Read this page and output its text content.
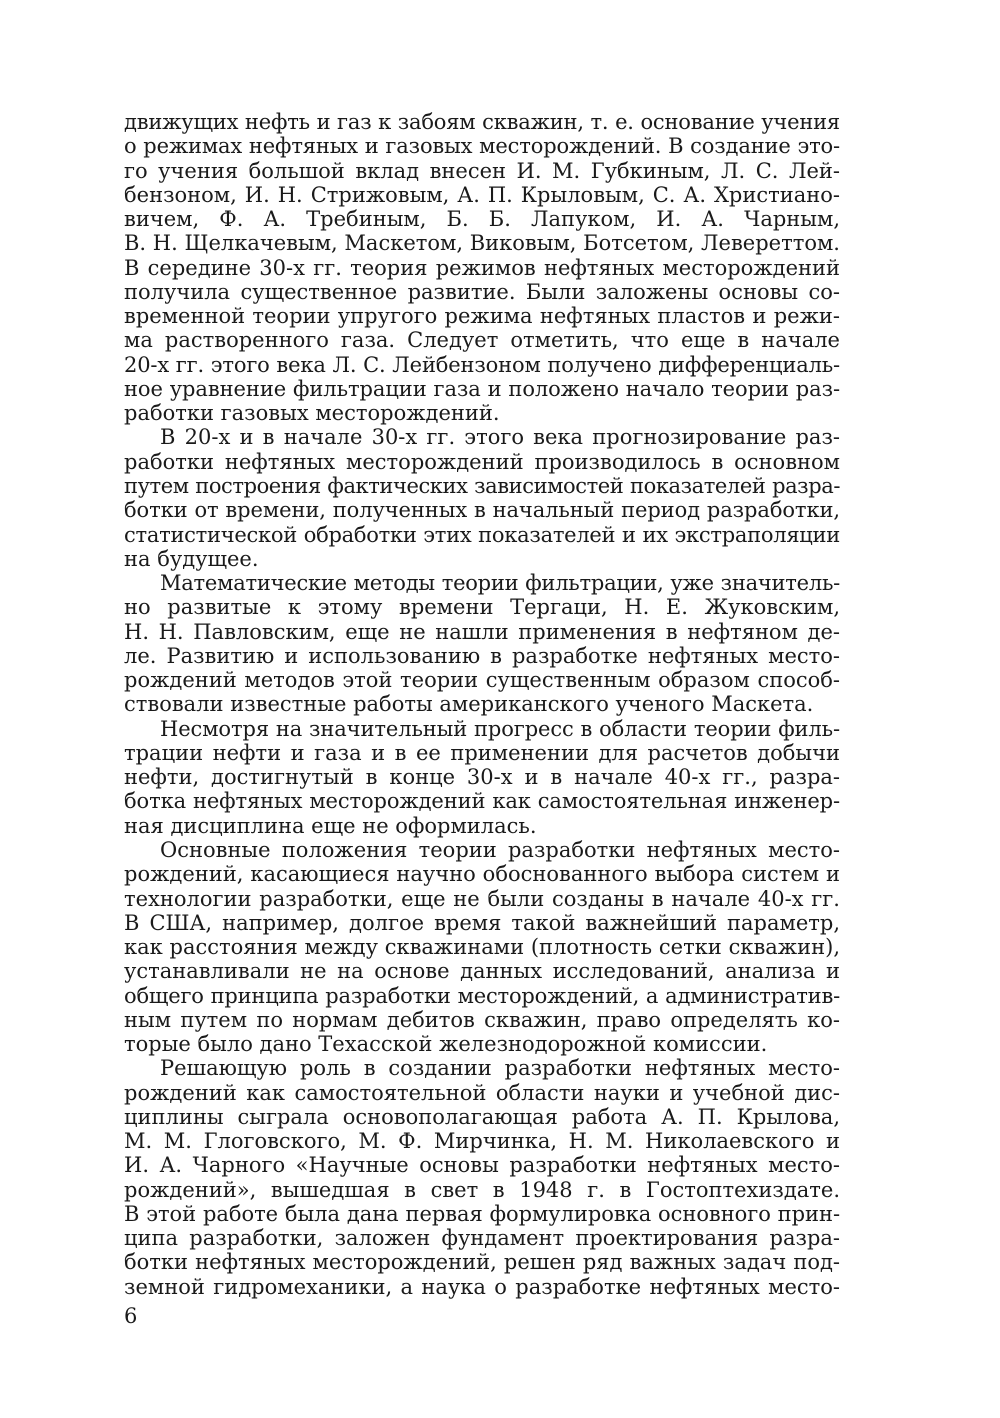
движущих нефть и газ к забоям скважин, т. е. основание учения
о режимах нефтяных и газовых месторождений. В создание это-
го учения большой вклад внесен И. М. Губкиным, Л. С. Лей-
бензоном, И. Н. Стрижовым, А. П. Крыловым, С. А. Христиано-
вичем, Ф. А. Требиным, Б. Б. Лапуком, И. А. Чарным,
В. Н. Щелкачевым, Маскетом, Виковым, Ботсетом, Левереттом.
В середине 30-х гг. теория режимов нефтяных месторождений
получила существенное развитие. Были заложены основы со-
временной теории упругого режима нефтяных пластов и режи-
ма растворенного газа. Следует отметить, что еще в начале
20-х гг. этого века Л. С. Лейбензоном получено дифференциаль-
ное уравнение фильтрации газа и положено начало теории раз-
работки газовых месторождений.
В 20-х и в начале 30-х гг. этого века прогнозирование раз-
работки нефтяных месторождений производилось в основном
путем построения фактических зависимостей показателей разра-
ботки от времени, полученных в начальный период разработки,
статистической обработки этих показателей и их экстраполяции
на будущее.
Математические методы теории фильтрации, уже значитель-
но развитые к этому времени Тергаци, Н. Е. Жуковским,
Н. Н. Павловским, еще не нашли применения в нефтяном де-
ле. Развитию и использованию в разработке нефтяных место-
рождений методов этой теории существенным образом способ-
ствовали известные работы американского ученого Маскета.
Несмотря на значительный прогресс в области теории филь-
трации нефти и газа и в ее применении для расчетов добычи
нефти, достигнутый в конце 30-х и в начале 40-х гг., разра-
ботка нефтяных месторождений как самостоятельная инженер-
ная дисциплина еще не оформилась.
Основные положения теории разработки нефтяных место-
рождений, касающиеся научно обоснованного выбора систем и
технологии разработки, еще не были созданы в начале 40-х гг.
В США, например, долгое время такой важнейший параметр,
как расстояния между скважинами (плотность сетки скважин),
устанавливали не на основе данных исследований, анализа и
общего принципа разработки месторождений, а административ-
ным путем по нормам дебитов скважин, право определять ко-
торые было дано Техасской железнодорожной комиссии.
Решающую роль в создании разработки нефтяных место-
рождений как самостоятельной области науки и учебной дис-
циплины сыграла основополагающая работа А. П. Крылова,
М. М. Глоговского, М. Ф. Мирчинка, Н. М. Николаевского и
И. А. Чарного «Научные основы разработки нефтяных место-
рождений», вышедшая в свет в 1948 г. в Гостоптехиздате.
В этой работе была дана первая формулировка основного прин-
ципа разработки, заложен фундамент проектирования разра-
ботки нефтяных месторождений, решен ряд важных задач под-
земной гидромеханики, а наука о разработке нефтяных место-
6
